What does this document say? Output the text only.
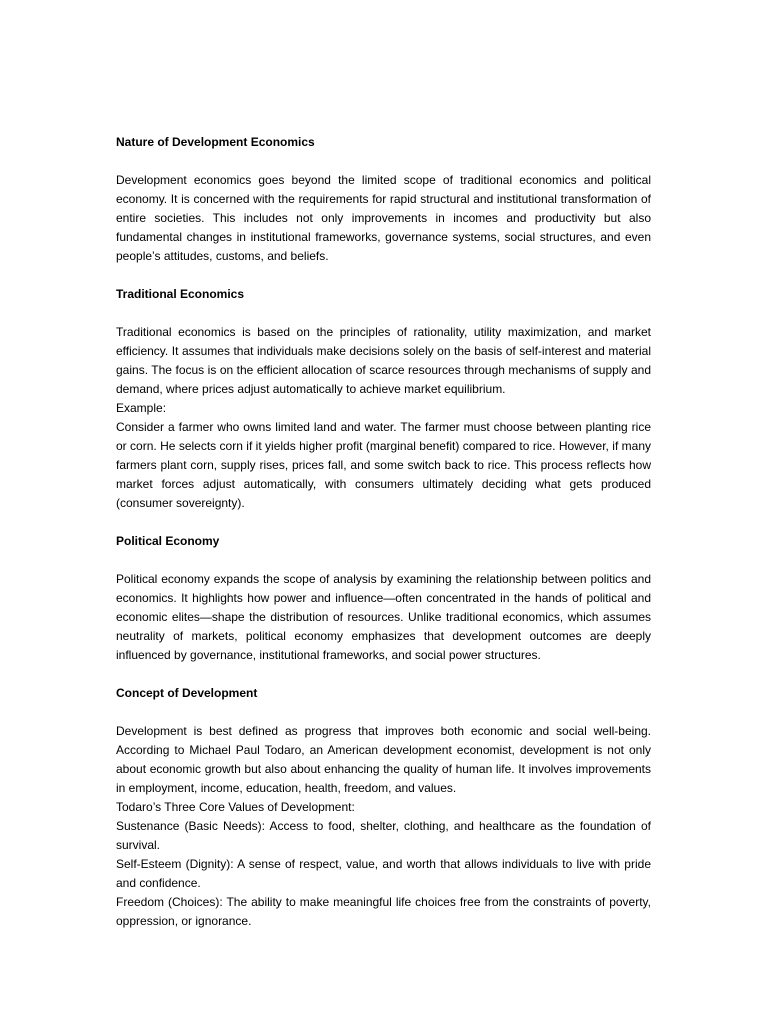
Nature of Development Economics

Development economics goes beyond the limited scope of traditional economics and political economy. It is concerned with the requirements for rapid structural and institutional transformation of entire societies. This includes not only improvements in incomes and productivity but also fundamental changes in institutional frameworks, governance systems, social structures, and even people’s attitudes, customs, and beliefs.

Traditional Economics

Traditional economics is based on the principles of rationality, utility maximization, and market efficiency. It assumes that individuals make decisions solely on the basis of self-interest and material gains. The focus is on the efficient allocation of scarce resources through mechanisms of supply and demand, where prices adjust automatically to achieve market equilibrium.

Example:

Consider a farmer who owns limited land and water. The farmer must choose between planting rice or corn. He selects corn if it yields higher profit (marginal benefit) compared to rice. However, if many farmers plant corn, supply rises, prices fall, and some switch back to rice. This process reflects how market forces adjust automatically, with consumers ultimately deciding what gets produced (consumer sovereignty).

Political Economy

Political economy expands the scope of analysis by examining the relationship between politics and economics. It highlights how power and influence—often concentrated in the hands of political and economic elites—shape the distribution of resources. Unlike traditional economics, which assumes neutrality of markets, political economy emphasizes that development outcomes are deeply influenced by governance, institutional frameworks, and social power structures.

Concept of Development

Development is best defined as progress that improves both economic and social well-being. According to Michael Paul Todaro, an American development economist, development is not only about economic growth but also about enhancing the quality of human life. It involves improvements in employment, income, education, health, freedom, and values.

Todaro’s Three Core Values of Development:

Sustenance (Basic Needs): Access to food, shelter, clothing, and healthcare as the foundation of survival.

Self-Esteem (Dignity): A sense of respect, value, and worth that allows individuals to live with pride and confidence.

Freedom (Choices): The ability to make meaningful life choices free from the constraints of poverty, oppression, or ignorance.
